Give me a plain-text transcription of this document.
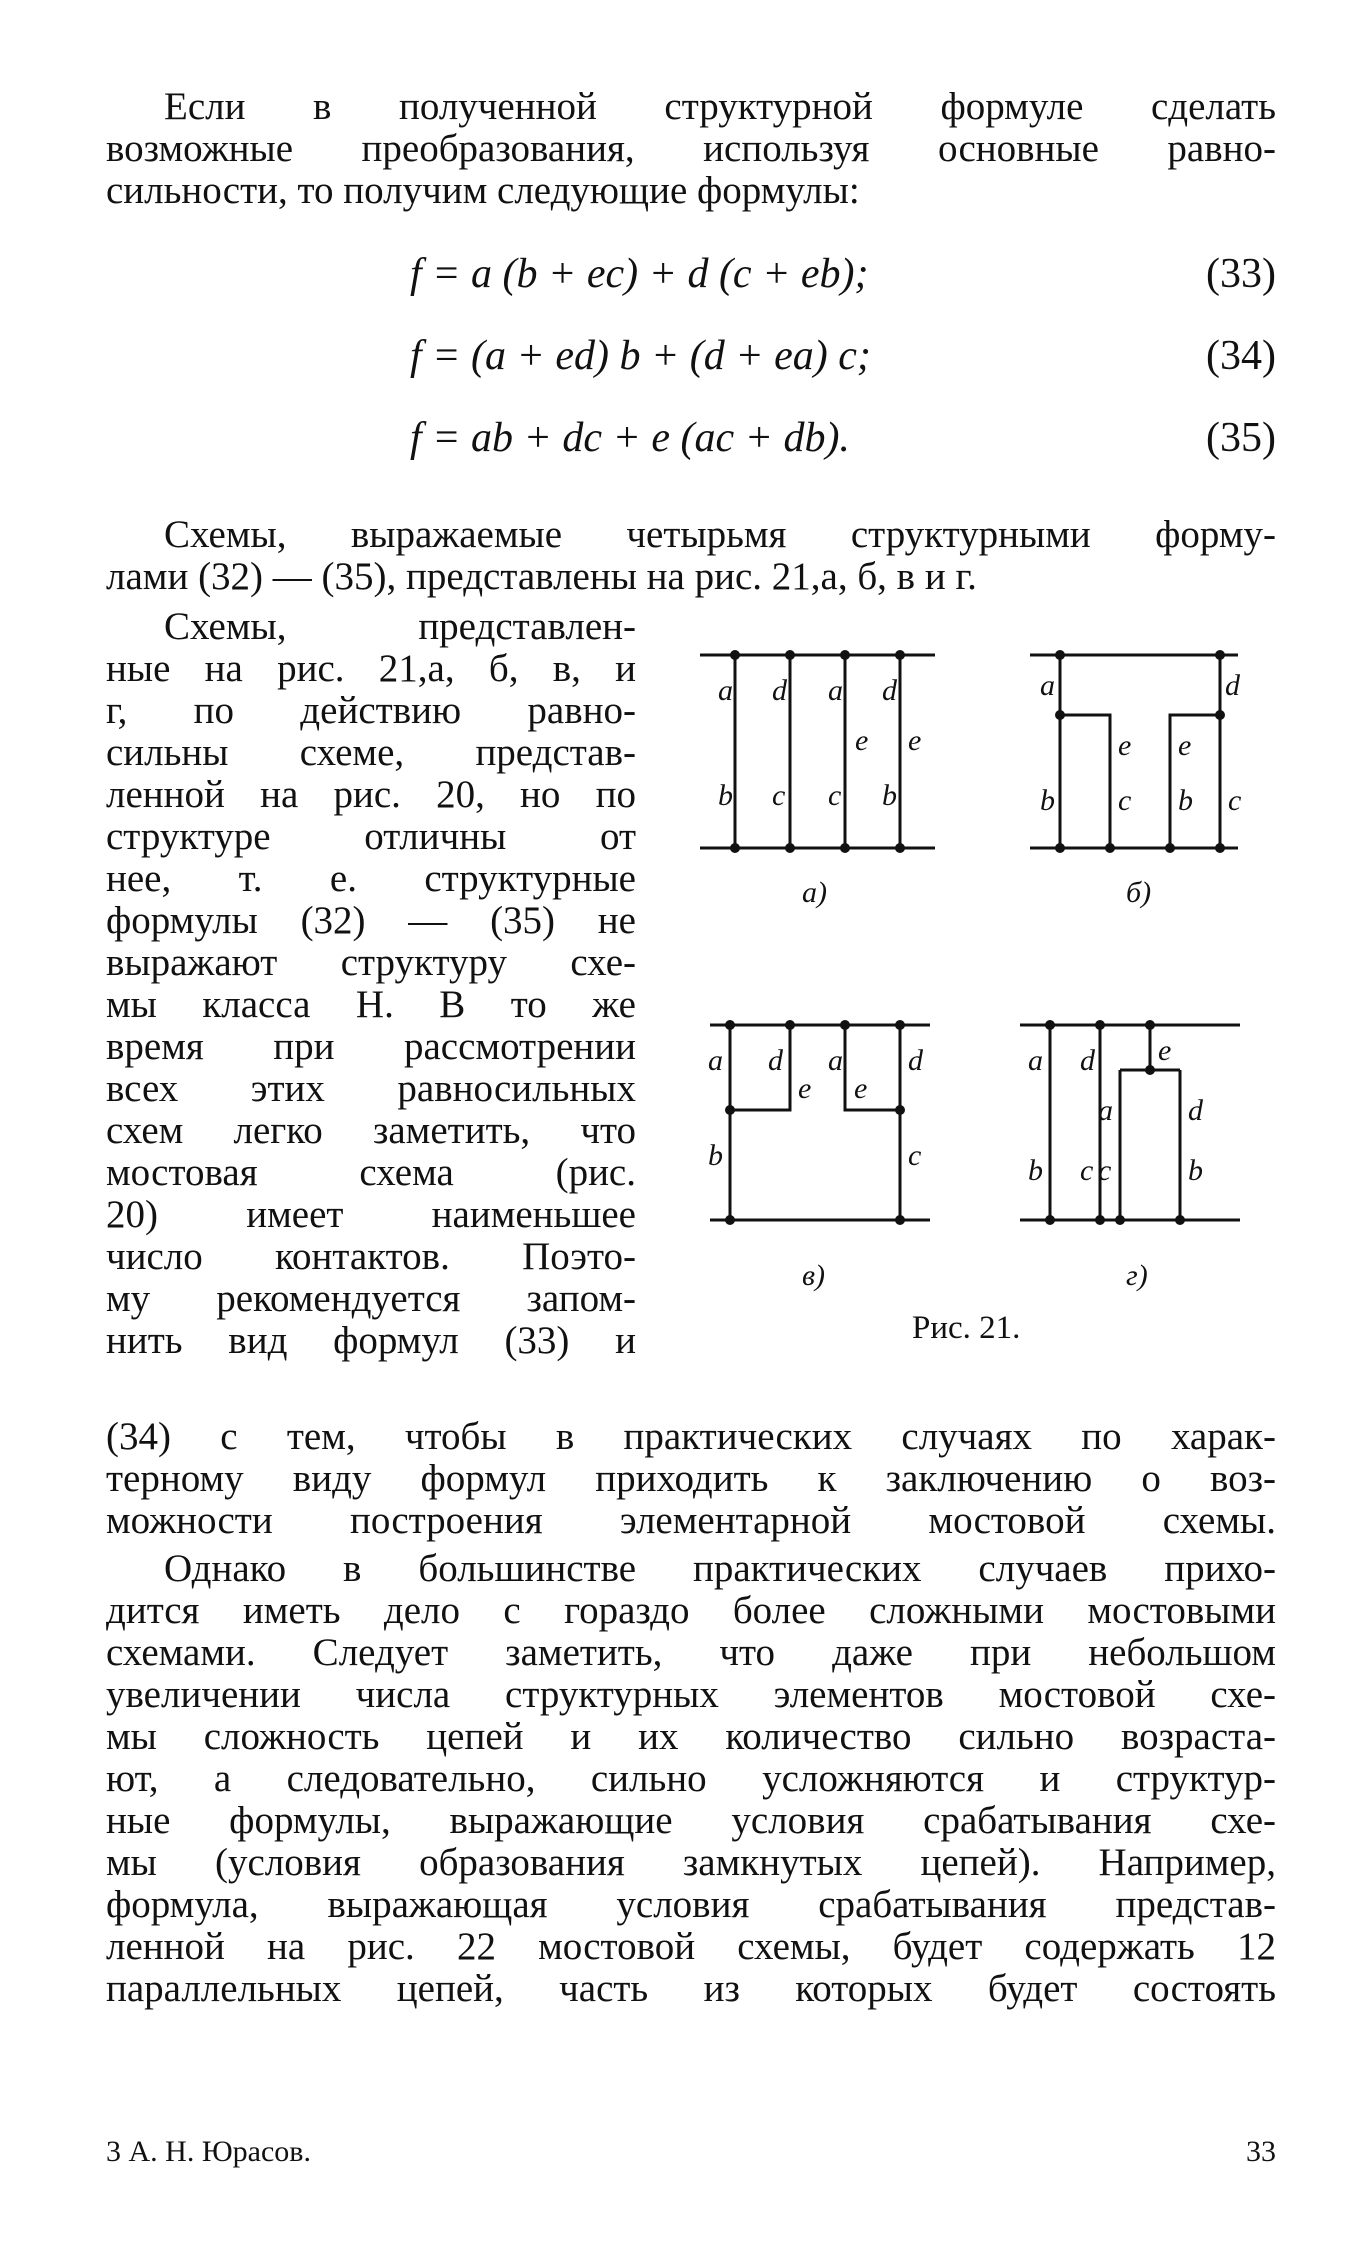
Если в полученной структурной формуле сделать
возможные преобразования, используя основные равно-
сильности, то получим следующие формулы:
f = a (b + ec) + d (c + eb);	(33)
f = (a + ed) b + (d + ea) c;	(34)
f = ab + dc + e (ac + db).	(35)
Схемы, выражаемые четырьмя структурными форму-
лами (32) — (35), представлены на рис. 21,а, б, в и г.
Схемы, представлен-
ные на рис. 21,а, б, в, и
г, по действию равно-
сильны схеме, представ-
ленной на рис. 20, но по
структуре отличны от
нее, т. е. структурные
формулы (32) — (35) не
выражают структуру схе-
мы класса Н. В то же
время при рассмотрении
всех этих равносильных
схем легко заметить, что
мостовая схема (рис.
20) имеет наименьшее
число контактов. Поэто-
му рекомендуется запом-
нить вид формул (33) и
a d a d
e e
b c c b
a	d
e e
b c b c
a d a d
e e
b	c
a d e
a	d
b c c	b
а)	б)
в)	г)
Рис. 21.
(34) с тем, чтобы в практических случаях по харак-
терному виду формул приходить к заключению о воз-
можности построения элементарной мостовой схемы.
Однако в большинстве практических случаев прихо-
дится иметь дело с гораздо более сложными мостовыми
схемами. Следует заметить, что даже при небольшом
увеличении числа структурных элементов мостовой схе-
мы сложность цепей и их количество сильно возраста-
ют, а следовательно, сильно усложняются и структур-
ные формулы, выражающие условия срабатывания схе-
мы (условия образования замкнутых цепей). Например,
формула, выражающая условия срабатывания представ-
ленной на рис. 22 мостовой схемы, будет содержать 12
параллельных цепей, часть из которых будет состоять
3 А. Н. Юрасов.	33
